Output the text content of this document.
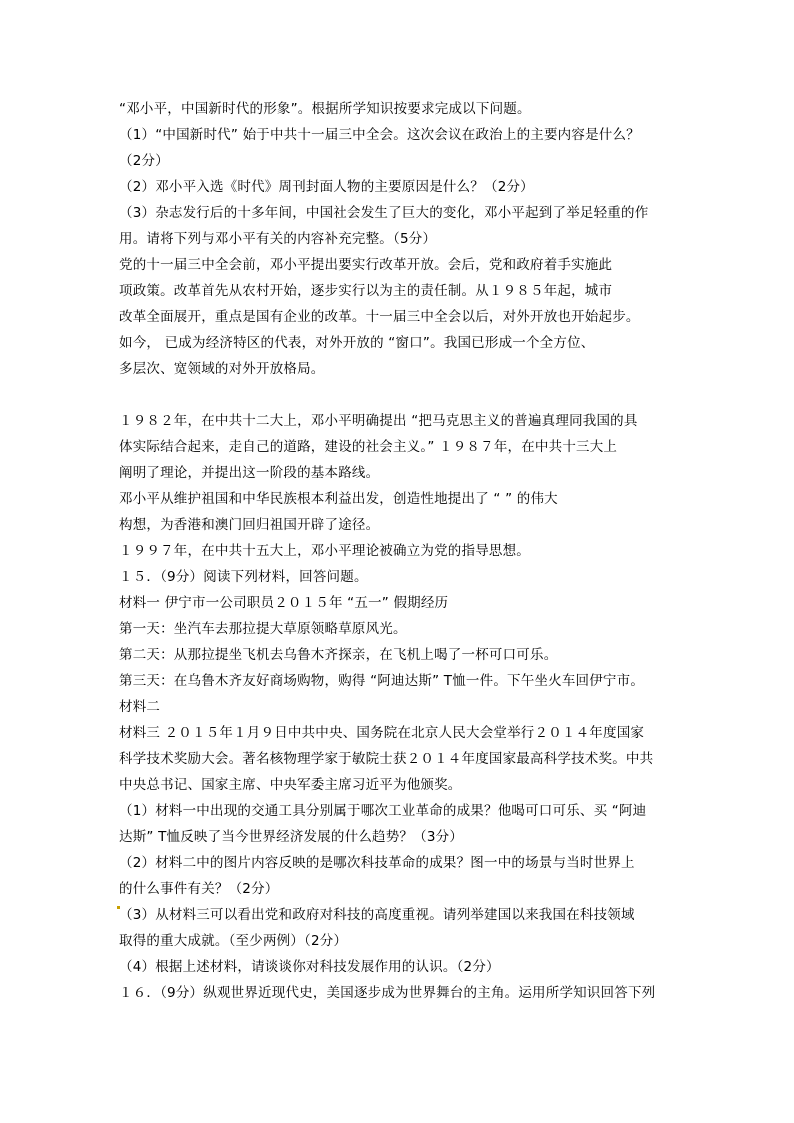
“邓小平，中国新时代的形象”。根据所学知识按要求完成以下问题。
（1）“中国新时代” 始于中共十一届三中全会。这次会议在政治上的主要内容是什么？
（2分）
（2）邓小平入选《时代》周刊封面人物的主要原因是什么？（2分）
（3）杂志发行后的十多年间，中国社会发生了巨大的变化，邓小平起到了举足轻重的作
用。请将下列与邓小平有关的内容补充完整。（5分）
党的十一届三中全会前，邓小平提出要实行改革开放。会后，党和政府着手实施此
项政策。改革首先从农村开始，逐步实行以为主的责任制。从１９８５年起，城市
改革全面展开，重点是国有企业的改革。十一届三中全会以后，对外开放也开始起步。
如今， 已成为经济特区的代表，对外开放的 “窗口”。我国已形成一个全方位、
多层次、宽领域的对外开放格局。
１９８２年，在中共十二大上，邓小平明确提出 “把马克思主义的普遍真理同我国的具
体实际结合起来，走自己的道路，建设的社会主义。” １９８７年，在中共十三大上
阐明了理论，并提出这一阶段的基本路线。
邓小平从维护祖国和中华民族根本利益出发，创造性地提出了 “ ” 的伟大
构想，为香港和澳门回归祖国开辟了途径。
１９９７年，在中共十五大上，邓小平理论被确立为党的指导思想。
１５．（9分）阅读下列材料，回答问题。
材料一 伊宁市一公司职员２０１５年 “五一” 假期经历
第一天：坐汽车去那拉提大草原领略草原风光。
第二天：从那拉提坐飞机去乌鲁木齐探亲，在飞机上喝了一杯可口可乐。
第三天：在乌鲁木齐友好商场购物，购得 “阿迪达斯” T恤一件。下午坐火车回伊宁市。
材料二
材料三 ２０１５年１月９日中共中央、国务院在北京人民大会堂举行２０１４年度国家
科学技术奖励大会。著名核物理学家于敏院士获２０１４年度国家最高科学技术奖。中共
中央总书记、国家主席、中央军委主席习近平为他颁奖。
（1）材料一中出现的交通工具分别属于哪次工业革命的成果？他喝可口可乐、买 “阿迪
达斯” T恤反映了当今世界经济发展的什么趋势？（3分）
（2）材料二中的图片内容反映的是哪次科技革命的成果？图一中的场景与当时世界上
的什么事件有关？（2分）
（3）从材料三可以看出党和政府对科技的高度重视。请列举建国以来我国在科技领域
取得的重大成就。（至少两例）（2分）
（4）根据上述材料，请谈谈你对科技发展作用的认识。（2分）
１６．（9分）纵观世界近现代史，美国逐步成为世界舞台的主角。运用所学知识回答下列
